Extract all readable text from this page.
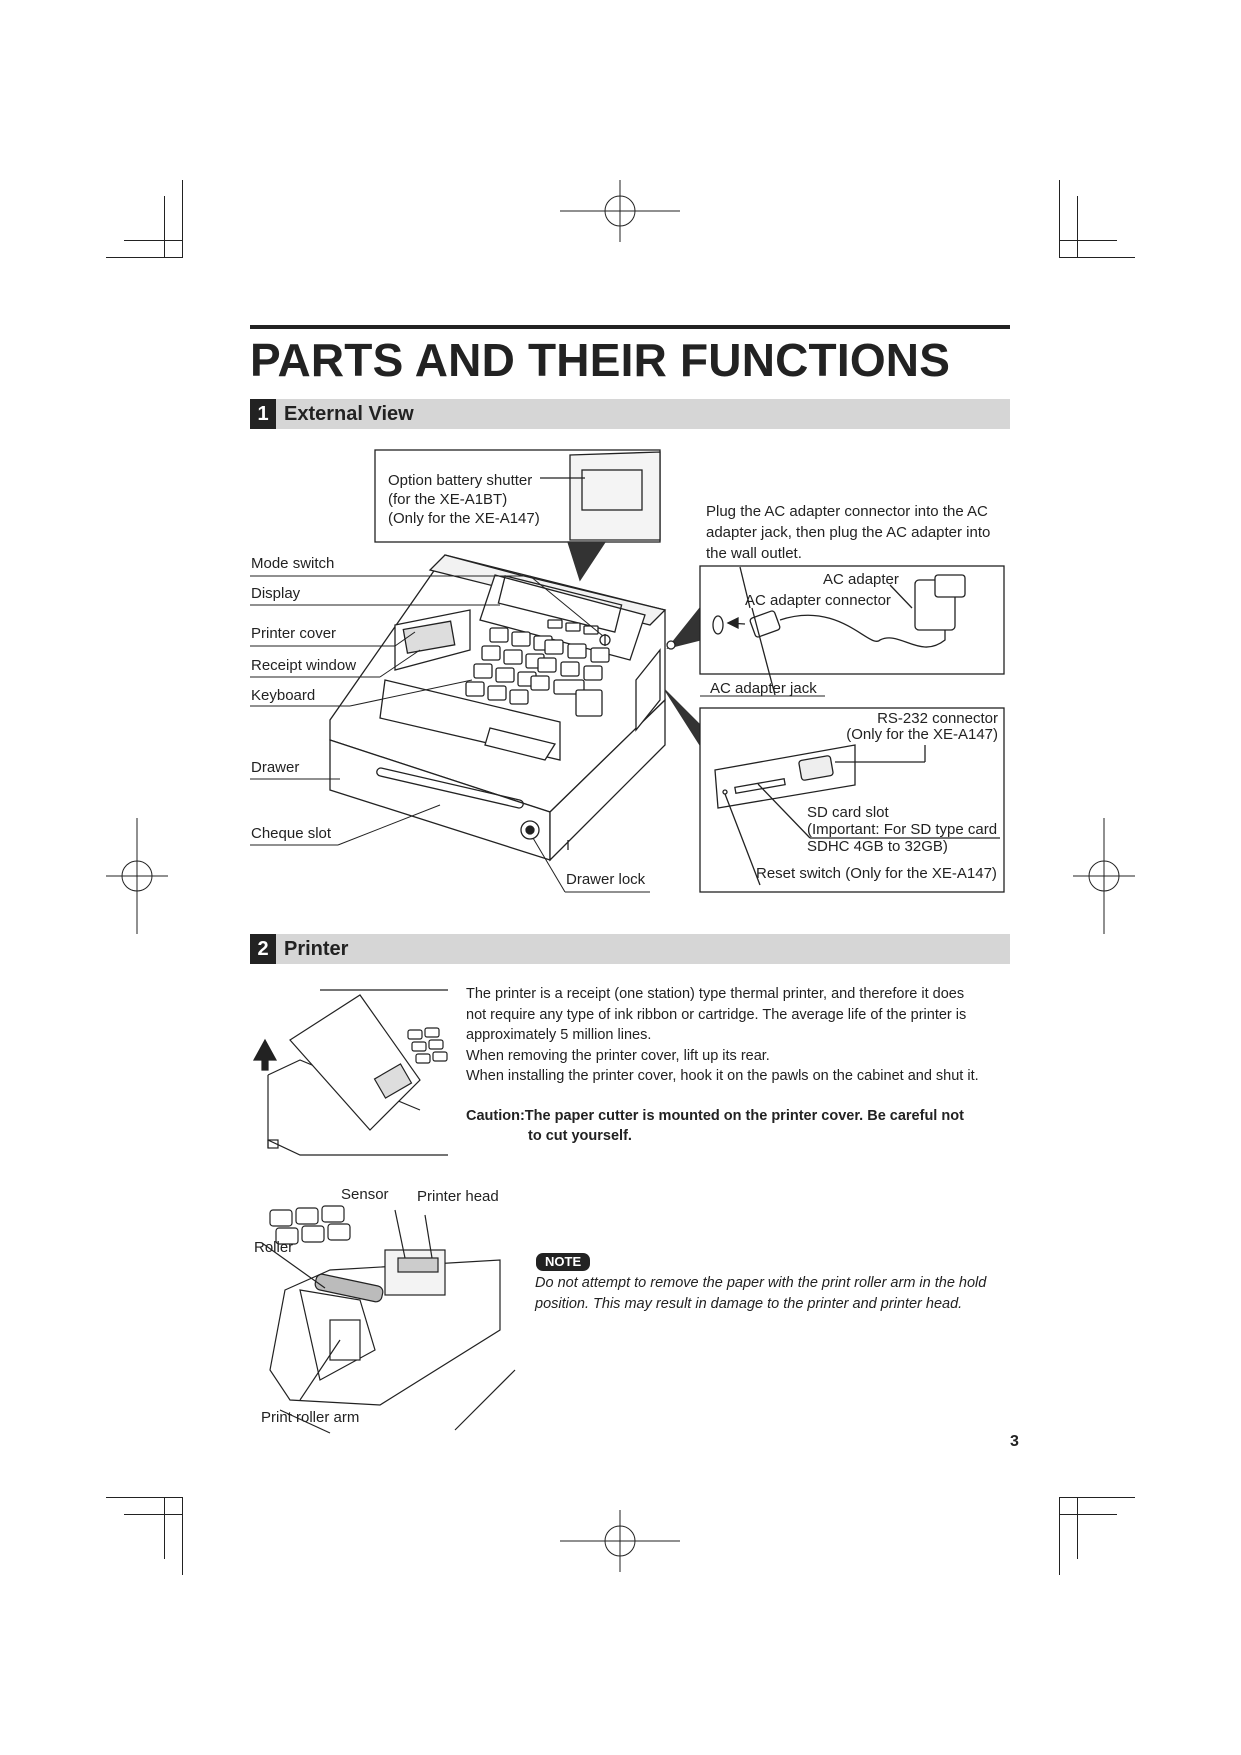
PARTS AND THEIR FUNCTIONS
1 External View
Option battery shutter
(for the XE-A1BT)
(Only for the XE-A147)	Plug the AC adapter connector into the AC
adapter jack, then plug the AC adapter into
the wall outlet.
Mode switch
Display
Printer cover
Receipt window
Keyboard
Drawer
Cheque slot
Drawer lock
AC adapter
AC adapter connector
AC adapter jack
RS-232 connector
(Only for the XE-A147)
SD card slot
(Important: For SD type card
SDHC 4GB to 32GB)
Reset switch (Only for the XE-A147)
2 Printer
The printer is a receipt (one station) type thermal printer, and therefore it does
not require any type of ink ribbon or cartridge. The average life of the printer is
approximately 5 million lines.
When removing the printer cover, lift up its rear.
When installing the printer cover, hook it on the pawls on the cabinet and shut it.
Caution:The paper cutter is mounted on the printer cover. Be careful not
to cut yourself.
Sensor Printer head
Roller
Print roller arm
NOTE
Do not attempt to remove the paper with the print roller arm in the hold
position. This may result in damage to the printer and printer head.
3
